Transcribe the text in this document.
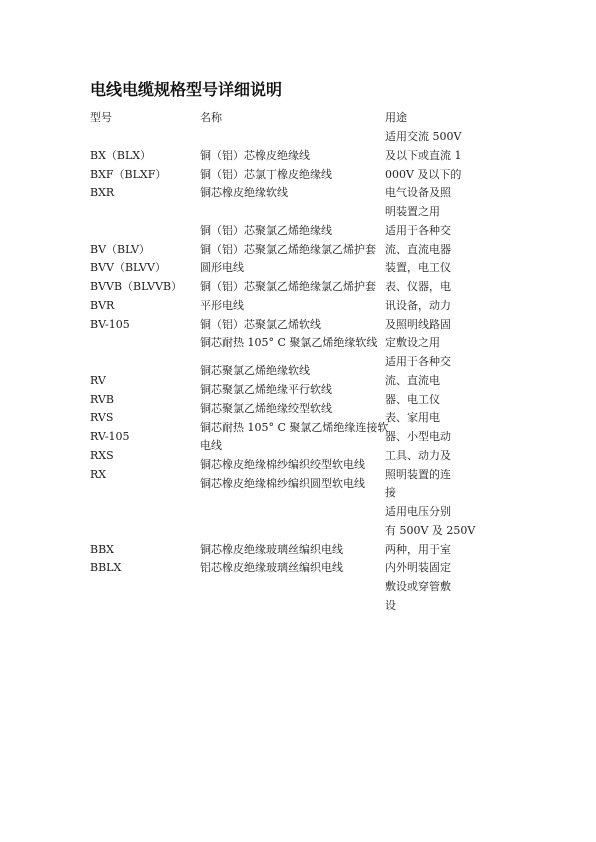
电线电缆规格型号详细说明
型号	名称	用途
BX（BLX）
BXF（BLXF）
BXR
铜（铝）芯橡皮绝缘线
铜（铝）芯氯丁橡皮绝缘线
铜芯橡皮绝缘软线
适用交流 500V
及以下或直流 1
000V 及以下的
电气设备及照
明装置之用
BV（BLV）
BVV（BLVV）
BVVB（BLVVB）
BVR
BV-105
铜（铝）芯聚氯乙烯绝缘线
铜（铝）芯聚氯乙烯绝缘氯乙烯护套
圆形电线
铜（铝）芯聚氯乙烯绝缘氯乙烯护套
平形电线
铜（铝）芯聚氯乙烯软线
铜芯耐热 105° C 聚氯乙烯绝缘软线
适用于各种交
流、直流电器
装置，电工仪
表、仪器，电
讯设备，动力
及照明线路固
定敷设之用
RV
RVB
RVS
RV-105
RXS
RX
铜芯聚氯乙烯绝缘软线
铜芯聚氯乙烯绝缘平行软线
铜芯聚氯乙烯绝缘绞型软线
铜芯耐热 105° C 聚氯乙烯绝缘连接软
电线
铜芯橡皮绝缘棉纱编织绞型软电线
铜芯橡皮绝缘棉纱编织圆型软电线
适用于各种交
流、直流电
器、电工仪
表、家用电
器、小型电动
工具、动力及
照明装置的连
接
BBX
BBLX
铜芯橡皮绝缘玻璃丝编织电线
铝芯橡皮绝缘玻璃丝编织电线
适用电压分别
有 500V 及 250V
两种，用于室
内外明装固定
敷设或穿管敷
设
